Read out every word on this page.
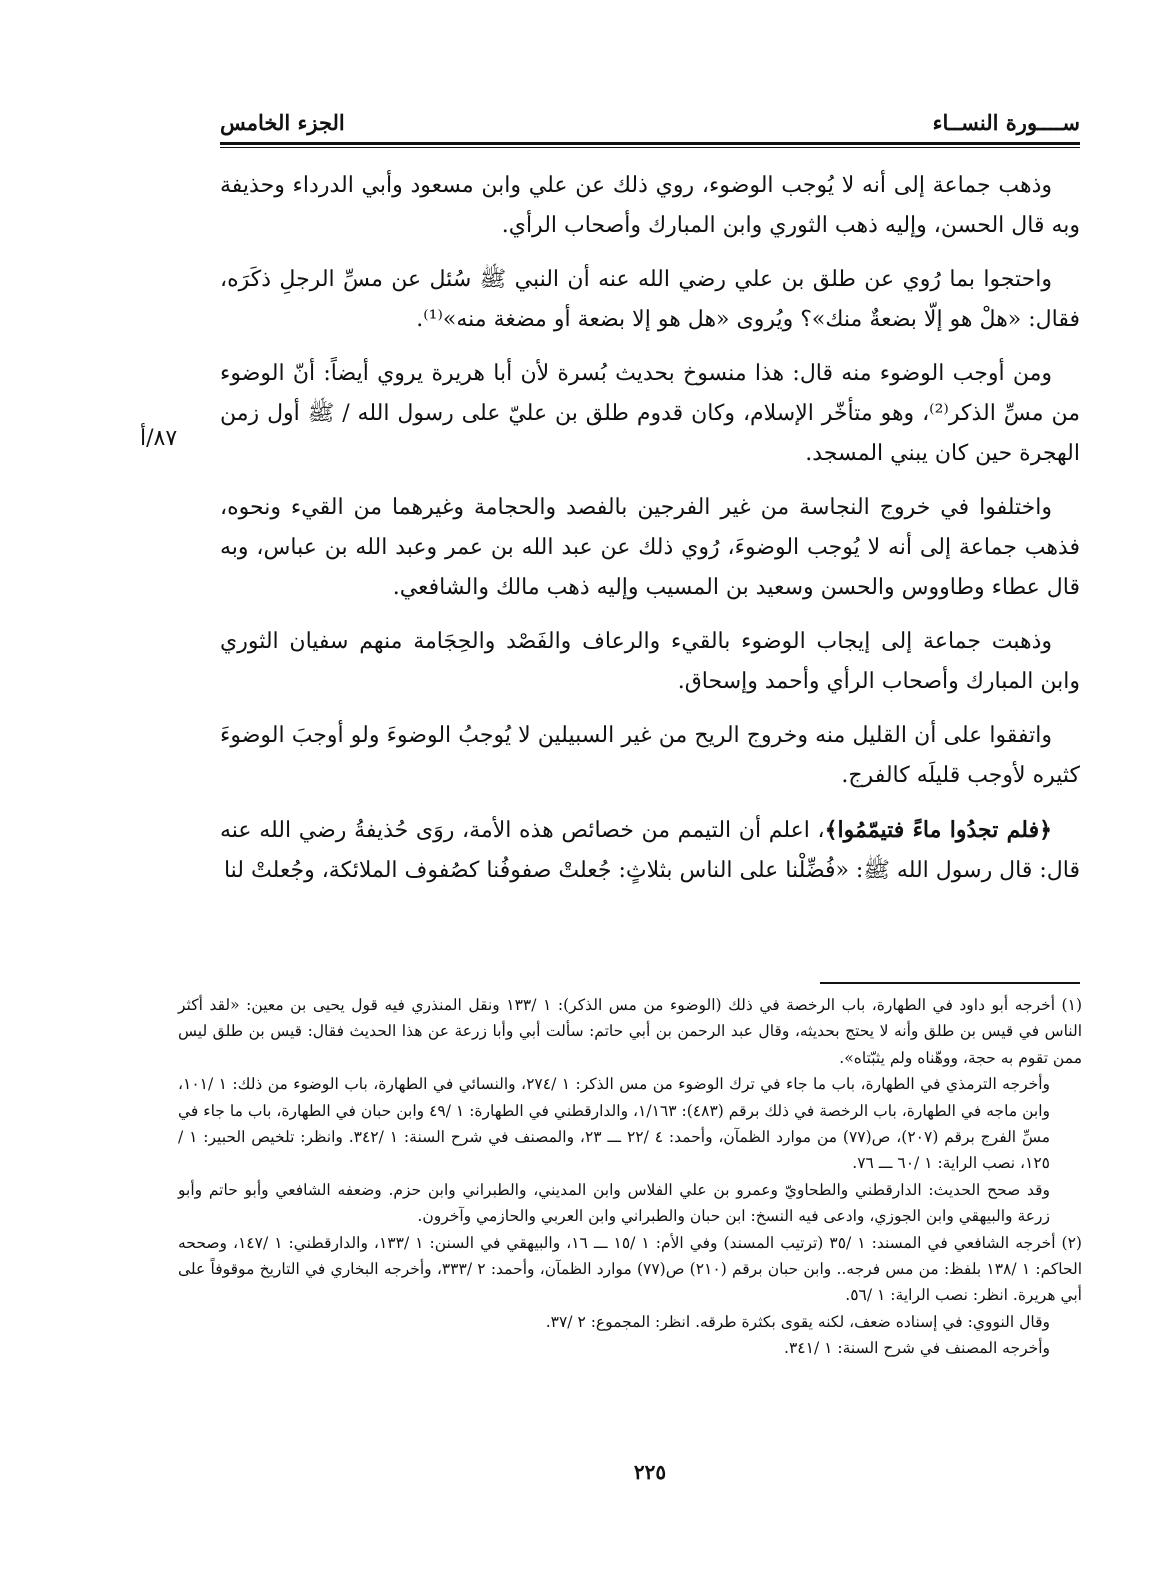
ســــورة النســاء
الجزء الخامس
٨٧/أ

وذهب جماعة إلى أنه لا يُوجب الوضوء، روي ذلك عن علي وابن مسعود وأبي الدرداء وحذيفة وبه قال الحسن، وإليه ذهب الثوري وابن المبارك وأصحاب الرأي.

واحتجوا بما رُوي عن طلق بن علي رضي الله عنه أن النبي ﷺ سُئل عن مسِّ الرجلِ ذكَرَه، فقال: «هلْ هو إلّا بضعةٌ منك»؟ ويُروى «هل هو إلا بضعة أو مضغة منه»⁽¹⁾.

ومن أوجب الوضوء منه قال: هذا منسوخ بحديث بُسرة لأن أبا هريرة يروي أيضاً: أنّ الوضوء من مسِّ الذكر⁽²⁾، وهو متأخّر الإسلام، وكان قدوم طلق بن عليّ على رسول الله / ﷺ أول زمن الهجرة حين كان يبني المسجد.

واختلفوا في خروج النجاسة من غير الفرجين بالفصد والحجامة وغيرهما من القيء ونحوه، فذهب جماعة إلى أنه لا يُوجب الوضوءَ، رُوي ذلك عن عبد الله بن عمر وعبد الله بن عباس، وبه قال عطاء وطاووس والحسن وسعيد بن المسيب وإليه ذهب مالك والشافعي.

وذهبت جماعة إلى إيجاب الوضوء بالقيء والرعاف والفَصْد والحِجَامة منهم سفيان الثوري وابن المبارك وأصحاب الرأي وأحمد وإسحاق.

واتفقوا على أن القليل منه وخروج الريح من غير السبيلين لا يُوجبُ الوضوءَ ولو أوجبَ الوضوءَ كثيره لأوجب قليلَه كالفرج.

﴿فلم تجدُوا ماءً فتيمّمُوا﴾، اعلم أن التيمم من خصائص هذه الأمة، روَى حُذيفةُ رضي الله عنه قال: قال رسول الله ﷺ: «فُضِّلْنا على الناس بثلاثٍ: جُعلتْ صفوفُنا كصُفوف الملائكة، وجُعلتْ لنا

(١) أخرجه أبو داود في الطهارة، باب الرخصة في ذلك (الوضوء من مس الذكر): ١ /١٣٣ ونقل المنذري فيه قول يحيى بن معين: «لقد أكثر الناس في قيس بن طلق وأنه لا يحتج بحديثه، وقال عبد الرحمن بن أبي حاتم: سألت أبي وأبا زرعة عن هذا الحديث فقال: قيس بن طلق ليس ممن تقوم به حجة، ووهّناه ولم يثبّتاه».

وأخرجه الترمذي في الطهارة، باب ما جاء في ترك الوضوء من مس الذكر: ١ /٢٧٤، والنسائي في الطهارة، باب الوضوء من ذلك: ١ /١٠١، وابن ماجه في الطهارة، باب الرخصة في ذلك برقم (٤٨٣): ١/١٦٣، والدارقطني في الطهارة: ١ /٤٩ وابن حبان في الطهارة، باب ما جاء في مسِّ الفرج برقم (٢٠٧)، ص(٧٧) من موارد الظمآن، وأحمد: ٤ /٢٢ ـــ ٢٣، والمصنف في شرح السنة: ١ /٣٤٢. وانظر: تلخيص الحبير: ١ /١٢٥، نصب الراية: ١ /٦٠ ـــ ٧٦.

وقد صحح الحديث: الدارقطني والطحاويّ وعمرو بن علي الفلاس وابن المديني، والطبراني وابن حزم. وضعفه الشافعي وأبو حاتم وأبو زرعة والبيهقي وابن الجوزي، وادعى فيه النسخ: ابن حبان والطبراني وابن العربي والحازمي وآخرون.

(٢) أخرجه الشافعي في المسند: ١ /٣٥ (ترتيب المسند) وفي الأم: ١ /١٥ ـــ ١٦، والبيهقي في السنن: ١ /١٣٣، والدارقطني: ١ /١٤٧، وصححه الحاكم: ١ /١٣٨ بلفظ: من مس فرجه.. وابن حبان برقم (٢١٠) ص(٧٧) موارد الظمآن، وأحمد: ٢ /٣٣٣، وأخرجه البخاري في التاريخ موقوفاً على أبي هريرة. انظر: نصب الراية: ١ /٥٦.

وقال النووي: في إسناده ضعف، لكنه يقوى بكثرة طرقه. انظر: المجموع: ٢ /٣٧.

وأخرجه المصنف في شرح السنة: ١ /٣٤١.

٢٢٥
